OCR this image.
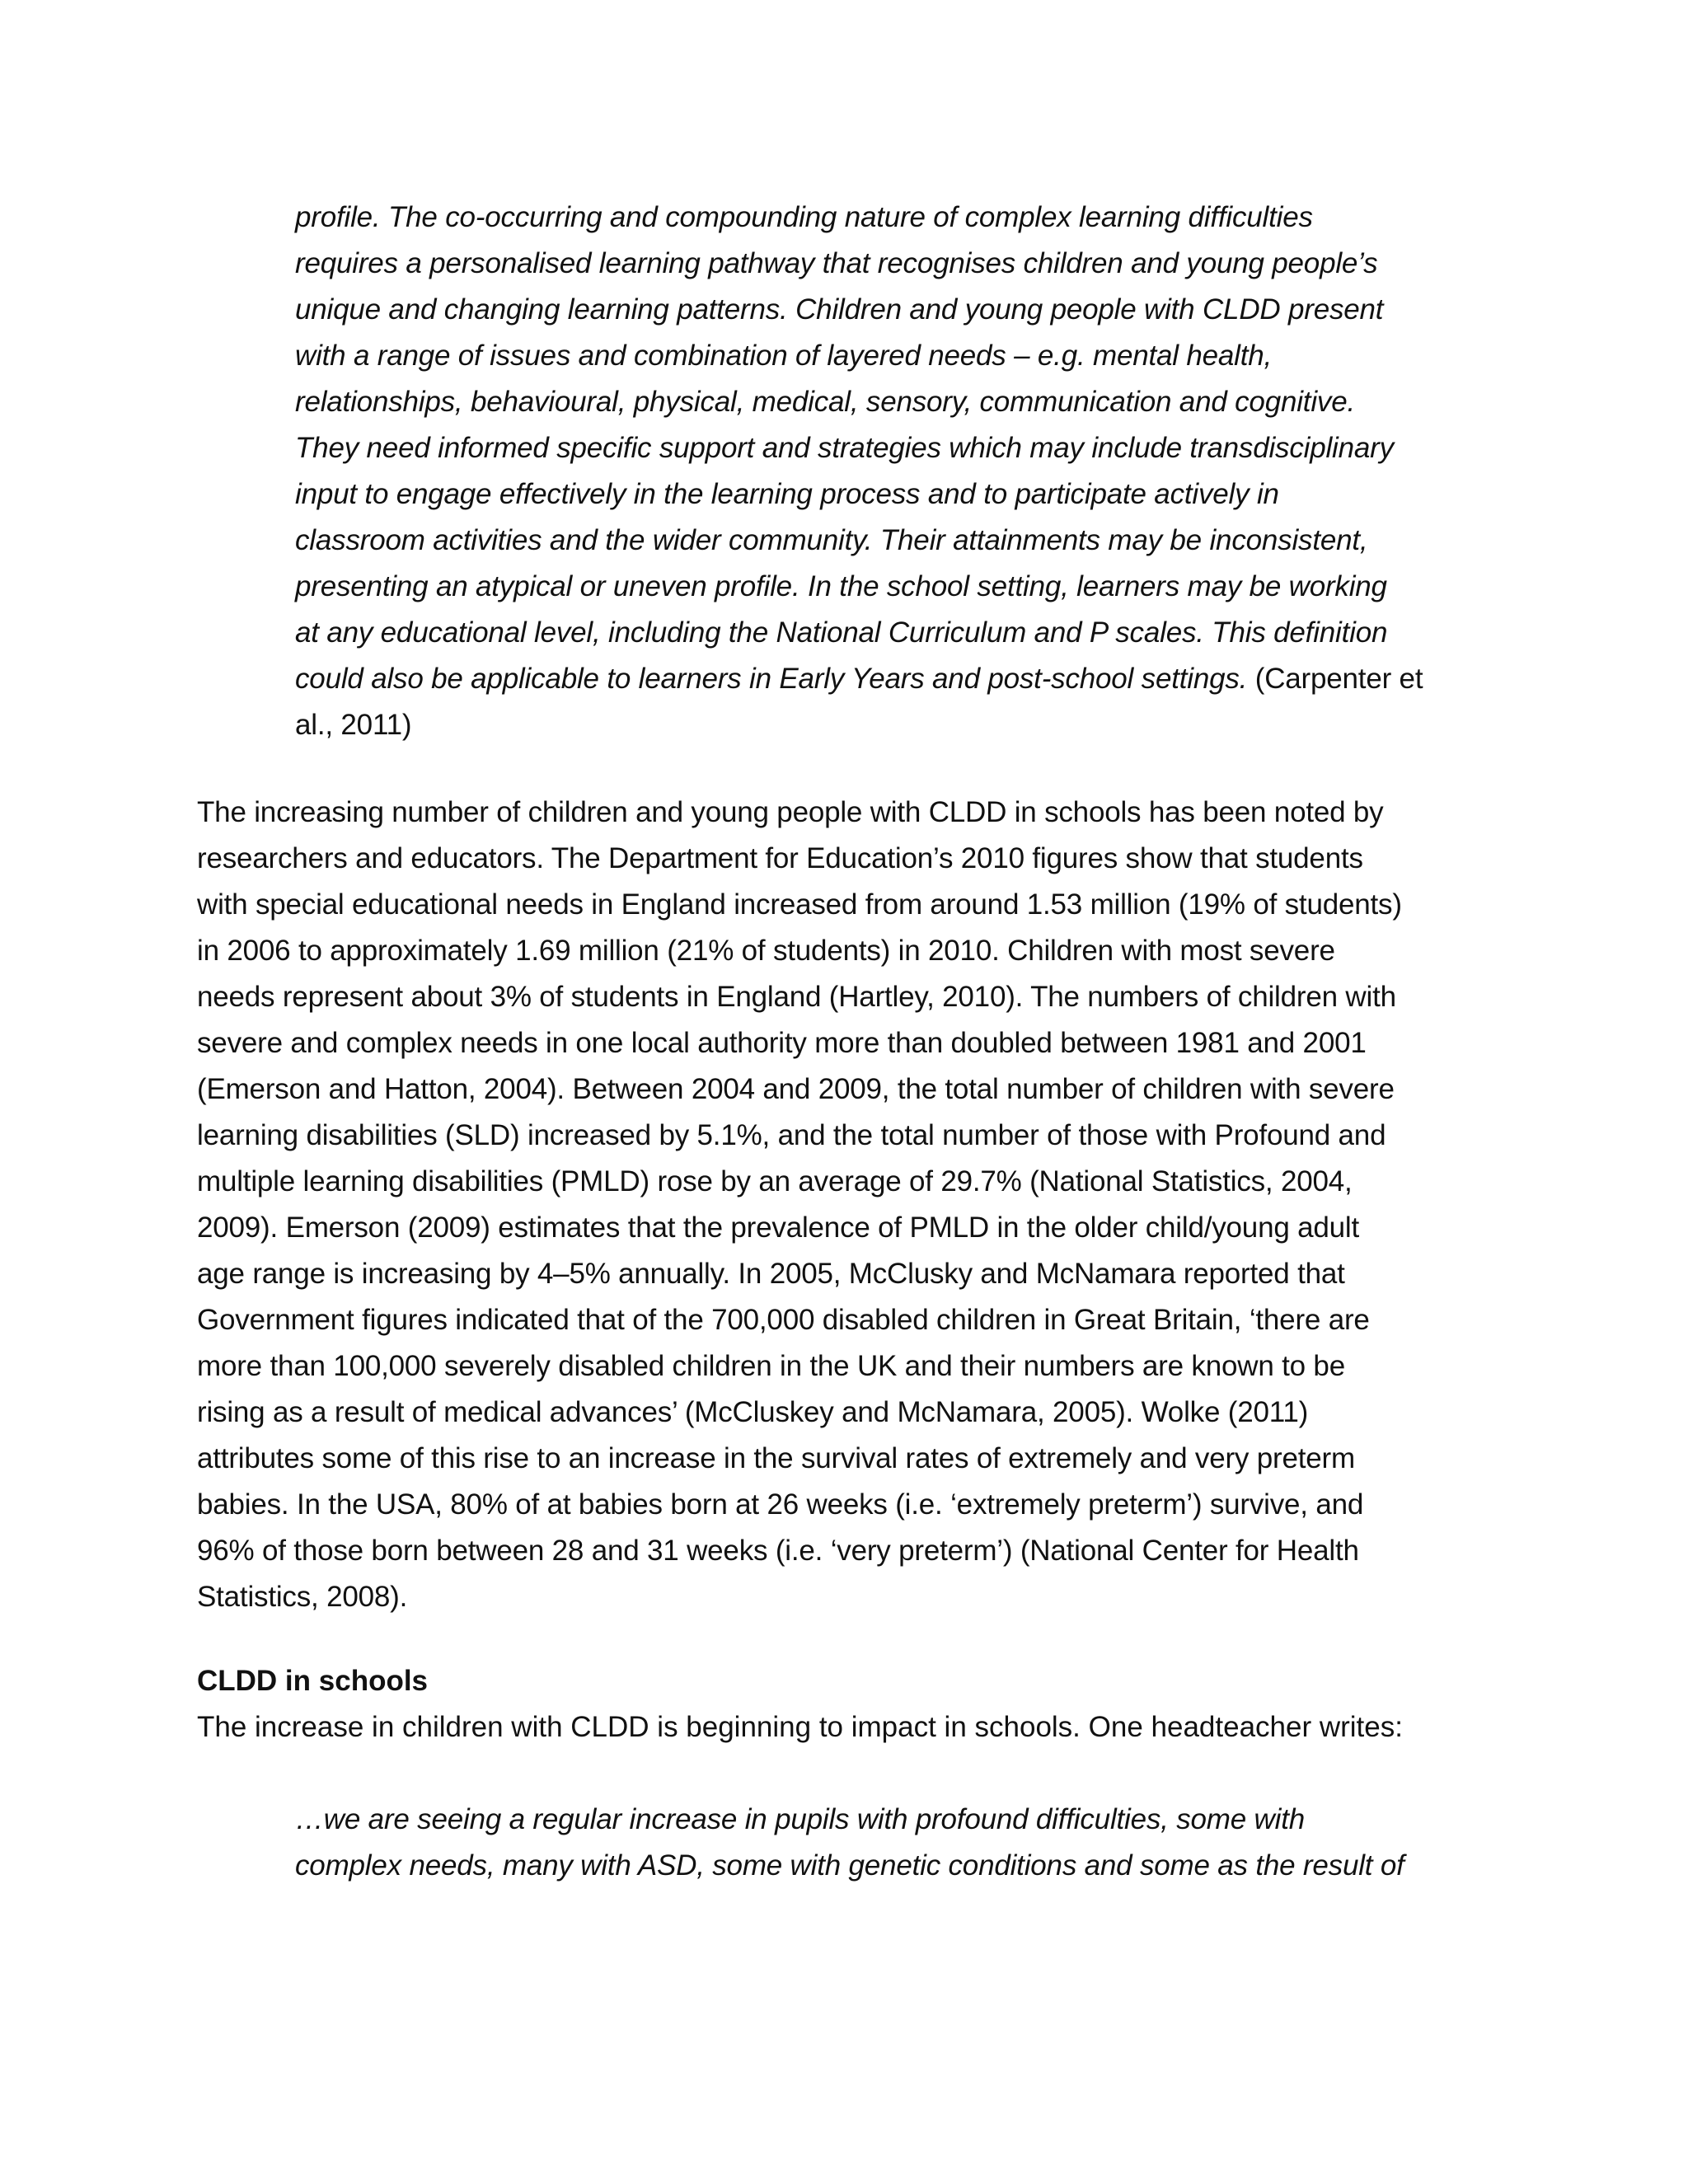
profile. The co-occurring and compounding nature of complex learning difficulties
requires a personalised learning pathway that recognises children and young people’s
unique and changing learning patterns. Children and young people with CLDD present
with a range of issues and combination of layered needs – e.g. mental health,
relationships, behavioural, physical, medical, sensory, communication and cognitive.
They need informed specific support and strategies which may include transdisciplinary
input to engage effectively in the learning process and to participate actively in
classroom activities and the wider community. Their attainments may be inconsistent,
presenting an atypical or uneven profile. In the school setting, learners may be working
at any educational level, including the National Curriculum and P scales. This definition
could also be applicable to learners in Early Years and post-school settings. (Carpenter et
al., 2011)
The increasing number of children and young people with CLDD in schools has been noted by
researchers and educators. The Department for Education’s 2010 figures show that students
with special educational needs in England increased from around 1.53 million (19% of students)
in 2006 to approximately 1.69 million (21% of students) in 2010. Children with most severe
needs represent about 3% of students in England (Hartley, 2010). The numbers of children with
severe and complex needs in one local authority more than doubled between 1981 and 2001
(Emerson and Hatton, 2004). Between 2004 and 2009, the total number of children with severe
learning disabilities (SLD) increased by 5.1%, and the total number of those with Profound and
multiple learning disabilities (PMLD) rose by an average of 29.7% (National Statistics, 2004,
2009). Emerson (2009) estimates that the prevalence of PMLD in the older child/young adult
age range is increasing by 4–5% annually. In 2005, McClusky and McNamara reported that
Government figures indicated that of the 700,000 disabled children in Great Britain, ‘there are
more than 100,000 severely disabled children in the UK and their numbers are known to be
rising as a result of medical advances’ (McCluskey and McNamara, 2005). Wolke (2011)
attributes some of this rise to an increase in the survival rates of extremely and very preterm
babies. In the USA, 80% of at babies born at 26 weeks (i.e. ‘extremely preterm’) survive, and
96% of those born between 28 and 31 weeks (i.e. ‘very preterm’) (National Center for Health
Statistics, 2008).
CLDD in schools
The increase in children with CLDD is beginning to impact in schools. One headteacher writes:
…we are seeing a regular increase in pupils with profound difficulties, some with
complex needs, many with ASD, some with genetic conditions and some as the result of
